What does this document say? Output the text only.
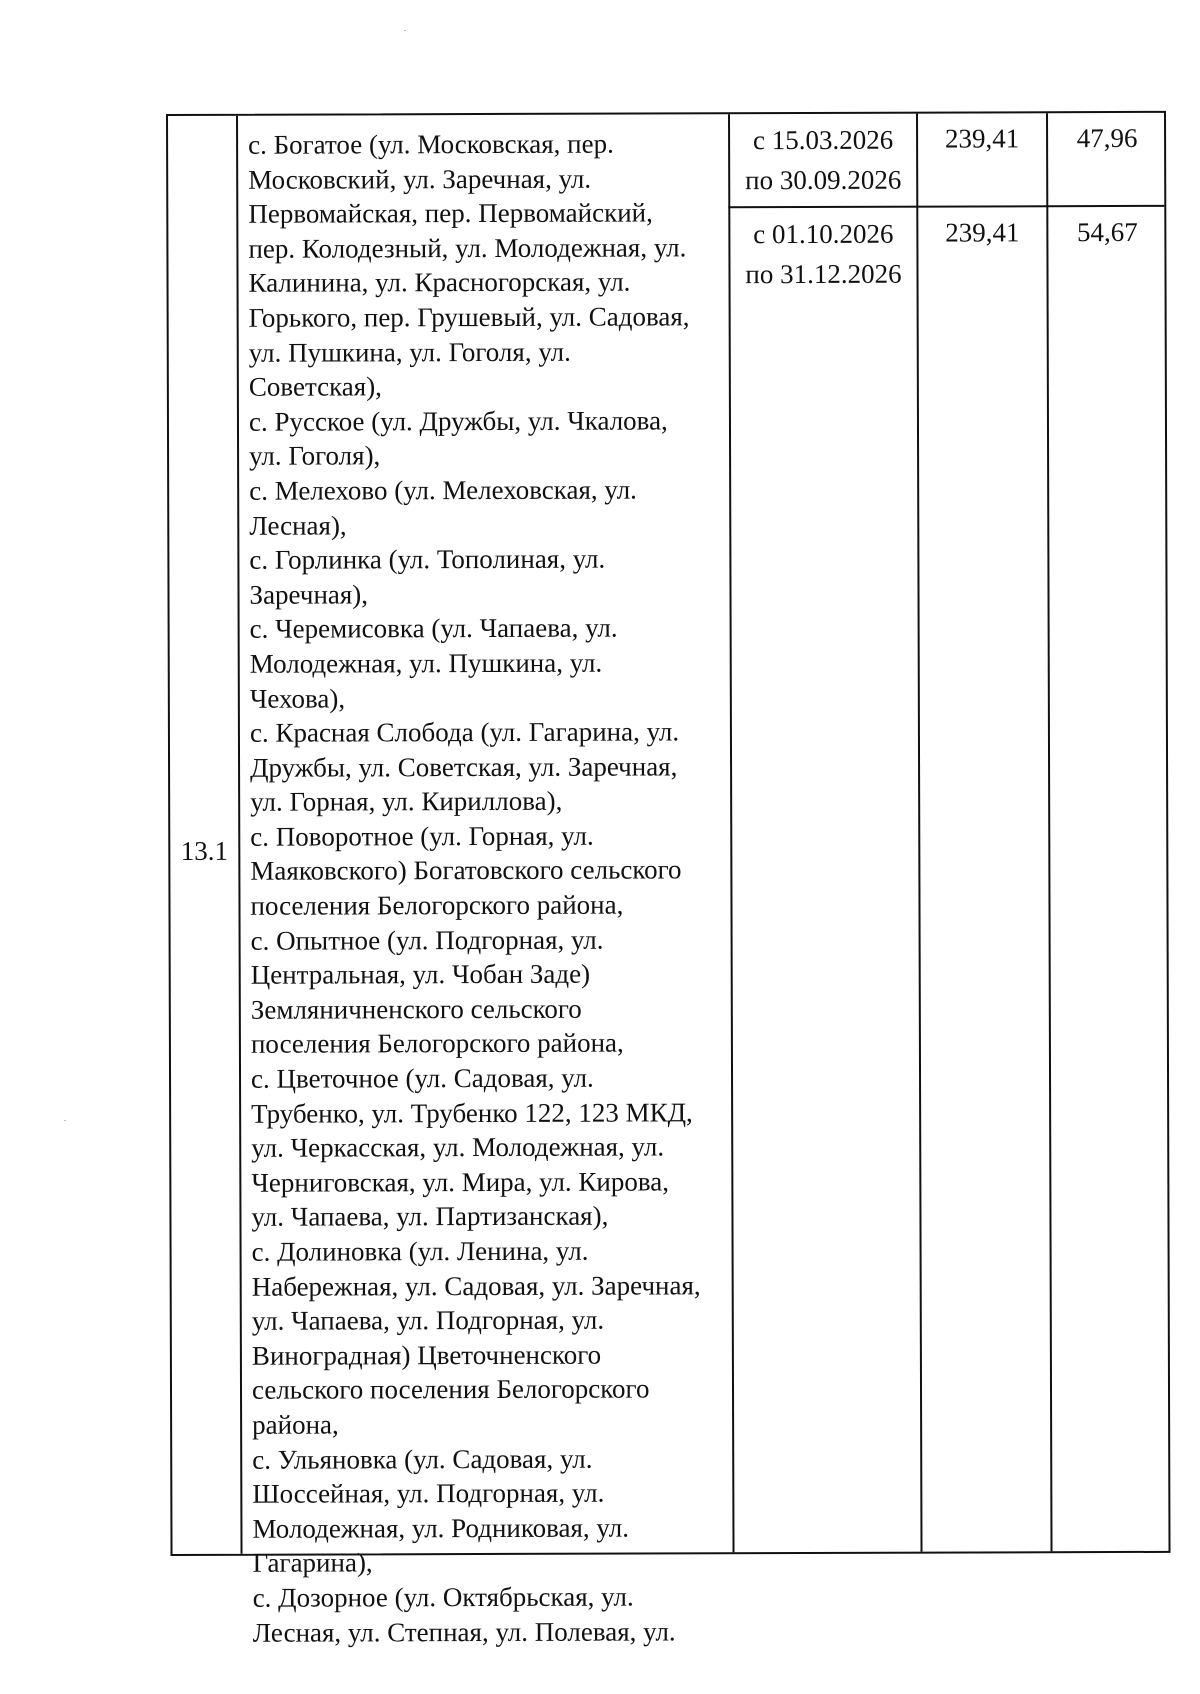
13.1
с. Богатое (ул. Московская, пер.
Московский, ул. Заречная, ул.
Первомайская, пер. Первомайский,
пер. Колодезный, ул. Молодежная, ул.
Калинина, ул. Красногорская, ул.
Горького, пер. Грушевый, ул. Садовая,
ул. Пушкина, ул. Гоголя, ул.
Советская),
с. Русское (ул. Дружбы, ул. Чкалова,
ул. Гоголя),
с. Мелехово (ул. Мелеховская, ул.
Лесная),
с. Горлинка (ул. Тополиная, ул.
Заречная),
с. Черемисовка (ул. Чапаева, ул.
Молодежная, ул. Пушкина, ул.
Чехова),
с. Красная Слобода (ул. Гагарина, ул.
Дружбы, ул. Советская, ул. Заречная,
ул. Горная, ул. Кириллова),
с. Поворотное (ул. Горная, ул.
Маяковского) Богатовского сельского
поселения Белогорского района,
с. Опытное (ул. Подгорная, ул.
Центральная, ул. Чобан Заде)
Земляничненского сельского
поселения Белогорского района,
с. Цветочное (ул. Садовая, ул.
Трубенко, ул. Трубенко 122, 123 МКД,
ул. Черкасская, ул. Молодежная, ул.
Черниговская, ул. Мира, ул. Кирова,
ул. Чапаева, ул. Партизанская),
с. Долиновка (ул. Ленина, ул.
Набережная, ул. Садовая, ул. Заречная,
ул. Чапаева, ул. Подгорная, ул.
Виноградная) Цветочненского
сельского поселения Белогорского
района,
с. Ульяновка (ул. Садовая, ул.
Шоссейная, ул. Подгорная, ул.
Молодежная, ул. Родниковая, ул.
Гагарина),
с. Дозорное (ул. Октябрьская, ул.
Лесная, ул. Степная, ул. Полевая, ул.
с 15.03.2026
по 30.09.2026
239,41	47,96
с 01.10.2026
по 31.12.2026
239,41	54,67
